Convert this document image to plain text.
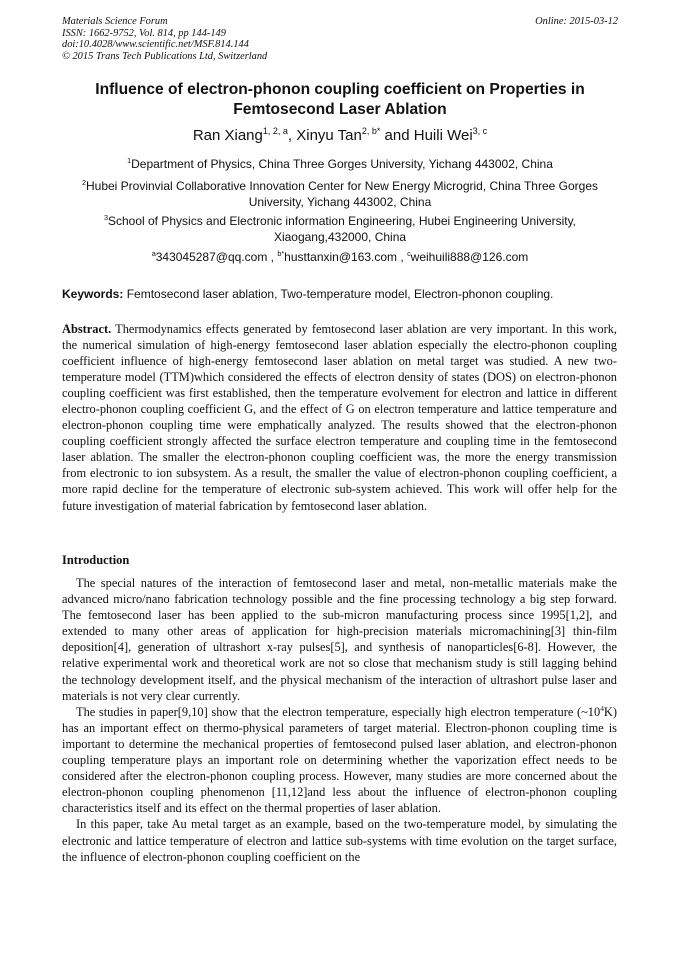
Materials Science Forum
ISSN: 1662-9752, Vol. 814, pp 144-149
doi:10.4028/www.scientific.net/MSF.814.144
© 2015 Trans Tech Publications Ltd, Switzerland
Online: 2015-03-12
Influence of electron-phonon coupling coefficient on Properties in Femtosecond Laser Ablation
Ran Xiang$^{1, 2, a}$, Xinyu Tan$^{2, b*}$ and Huili Wei$^{3, c}$
$^1$Department of Physics, China Three Gorges University, Yichang 443002, China
$^2$Hubei Provinvial Collaborative Innovation Center for New Energy Microgrid, China Three Gorges University, Yichang 443002, China
$^3$School of Physics and Electronic information Engineering, Hubei Engineering University, Xiaogang,432000, China
$^a$343045287@qq.com , $^{b*}$husttanxin@163.com , $^c$weihuili888@126.com
Keywords: Femtosecond laser ablation, Two-temperature model, Electron-phonon coupling.
Abstract. Thermodynamics effects generated by femtosecond laser ablation are very important. In this work, the numerical simulation of high-energy femtosecond laser ablation especially the electro-phonon coupling coefficient influence of high-energy femtosecond laser ablation on metal target was studied. A new two-temperature model (TTM)which considered the effects of electron density of states (DOS) on electron-phonon coupling coefficient was first established, then the temperature evolvement for electron and lattice in different electro-phonon coupling coefficient G, and the effect of G on electron temperature and lattice temperature and electron-phonon coupling time were emphatically analyzed. The results showed that the electron-phonon coupling coefficient strongly affected the surface electron temperature and coupling time in the femtosecond laser ablation. The smaller the electron-phonon coupling coefficient was, the more the energy transmission from electronic to ion subsystem. As a result, the smaller the value of electron-phonon coupling coefficient, a more rapid decline for the temperature of electronic sub-system achieved. This work will offer help for the future investigation of material fabrication by femtosecond laser ablation.
Introduction

The special natures of the interaction of femtosecond laser and metal, non-metallic materials make the advanced micro/nano fabrication technology possible and the fine processing technology a big step forward. The femtosecond laser has been applied to the sub-micron manufacturing process since 1995[1,2], and extended to many other areas of application for high-precision materials micromachining[3] thin-film deposition[4], generation of ultrashort x-ray pulses[5], and synthesis of nanoparticles[6-8]. However, the relative experimental work and theoretical work are not so close that mechanism study is still lagging behind the technology development itself, and the physical mechanism of the interaction of ultrashort pulse laser and materials is not very clear currently.

The studies in paper[9,10] show that the electron temperature, especially high electron temperature $(\sim 10^4K)$ has an important effect on thermo-physical parameters of target material. Electron-phonon coupling time is important to determine the mechanical properties of femtosecond pulsed laser ablation, and electron-phonon coupling temperature plays an important role on determining whether the vaporization effect needs to be considered after the electron-phonon coupling process. However, many studies are more concerned about the electron-phonon coupling phenomenon [11,12]and less about the influence of electron-phonon coupling characteristics itself and its effect on the thermal properties of laser ablation.

In this paper, take Au metal target as an example, based on the two-temperature model, by simulating the electronic and lattice temperature of electron and lattice sub-systems with time evolution on the target surface, the influence of electron-phonon coupling coefficient on the
